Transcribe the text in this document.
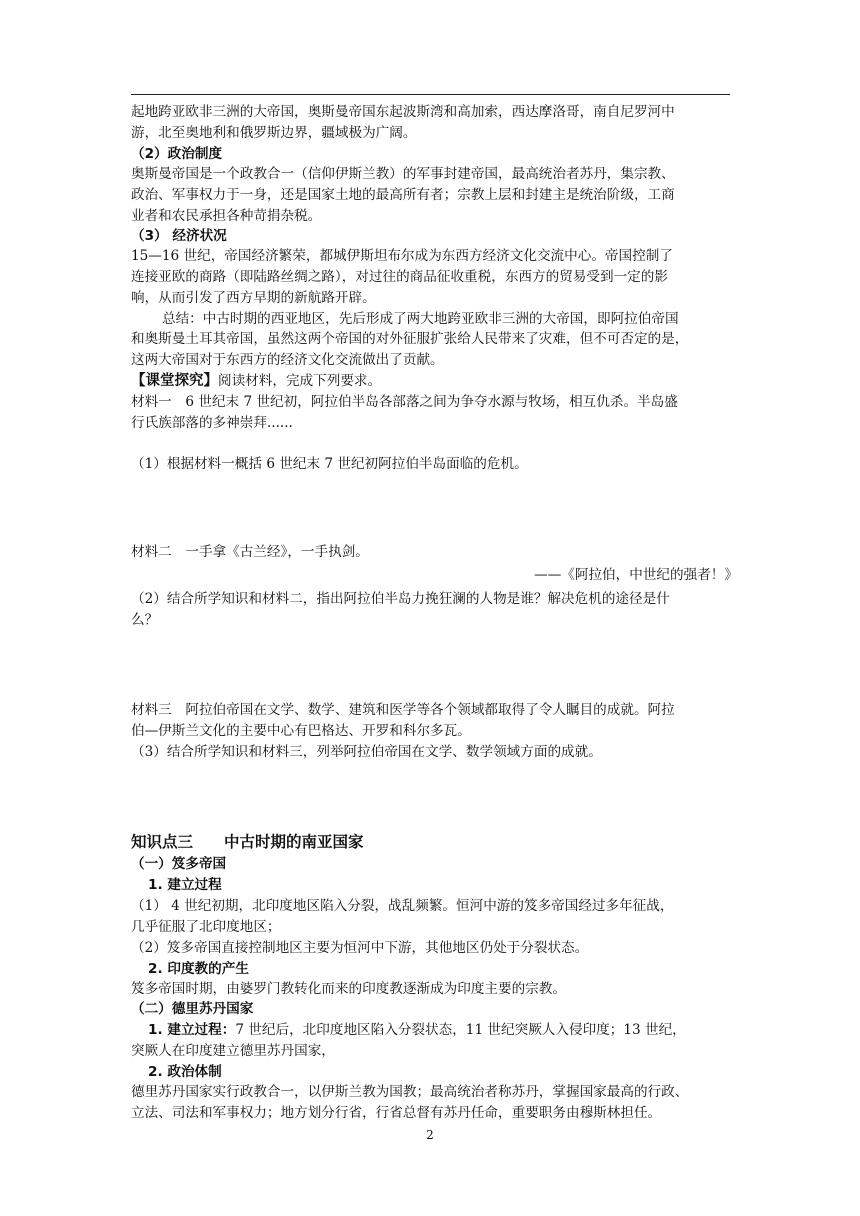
起地跨亚欧非三洲的大帝国，奥斯曼帝国东起波斯湾和高加索，西达摩洛哥，南自尼罗河中
游，北至奥地利和俄罗斯边界，疆域极为广阔。
（2）政治制度
奥斯曼帝国是一个政教合一（信仰伊斯兰教）的军事封建帝国，最高统治者苏丹，集宗教、
政治、军事权力于一身，还是国家土地的最高所有者；宗教上层和封建主是统治阶级，工商
业者和农民承担各种苛捐杂税。
（3） 经济状况
15—16 世纪，帝国经济繁荣，都城伊斯坦布尔成为东西方经济文化交流中心。帝国控制了
连接亚欧的商路（即陆路丝绸之路），对过往的商品征收重税，东西方的贸易受到一定的影
响，从而引发了西方早期的新航路开辟。
总结：中古时期的西亚地区，先后形成了两大地跨亚欧非三洲的大帝国，即阿拉伯帝国
和奥斯曼土耳其帝国，虽然这两个帝国的对外征服扩张给人民带来了灾难，但不可否定的是，
这两大帝国对于东西方的经济文化交流做出了贡献。
【课堂探究】阅读材料，完成下列要求。
材料一　6 世纪末 7 世纪初，阿拉伯半岛各部落之间为争夺水源与牧场，相互仇杀。半岛盛
行氏族部落的多神崇拜......
（1）根据材料一概括 6 世纪末 7 世纪初阿拉伯半岛面临的危机。
材料二　一手拿《古兰经》，一手执剑。
——《阿拉伯，中世纪的强者！》
（2）结合所学知识和材料二，指出阿拉伯半岛力挽狂澜的人物是谁？解决危机的途径是什
么？
材料三　阿拉伯帝国在文学、数学、建筑和医学等各个领域都取得了令人瞩目的成就。阿拉
伯—伊斯兰文化的主要中心有巴格达、开罗和科尔多瓦。
（3）结合所学知识和材料三，列举阿拉伯帝国在文学、数学领域方面的成就。
知识点三　　中古时期的南亚国家
（一）笈多帝国
1. 建立过程
（1） 4 世纪初期，北印度地区陷入分裂，战乱频繁。恒河中游的笈多帝国经过多年征战，
几乎征服了北印度地区；
（2）笈多帝国直接控制地区主要为恒河中下游，其他地区仍处于分裂状态。
2. 印度教的产生
笈多帝国时期，由婆罗门教转化而来的印度教逐渐成为印度主要的宗教。
（二）德里苏丹国家
1. 建立过程：7 世纪后，北印度地区陷入分裂状态，11 世纪突厥人入侵印度；13 世纪，
突厥人在印度建立德里苏丹国家，
2. 政治体制
德里苏丹国家实行政教合一，以伊斯兰教为国教；最高统治者称苏丹，掌握国家最高的行政、
立法、司法和军事权力；地方划分行省，行省总督有苏丹任命，重要职务由穆斯林担任。
2
